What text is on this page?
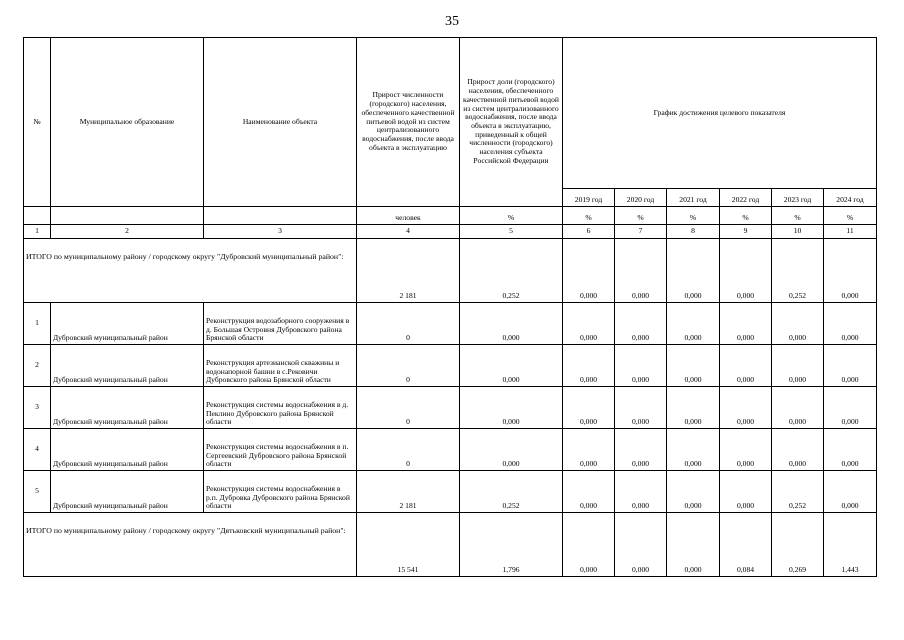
35
№	Муниципальное образование	Наименование объекта	Прирост численности (городского) населения, обеспеченного качественной питьевой водой из систем централизованного водоснабжения, после ввода объекта в эксплуатацию	Прирост доли (городского) населения, обеспеченного качественной питьевой водой из систем централизованного водоснабжения, после ввода объекта в эксплуатацию, приведенный к общей численности (городского) населения субъекта Российской Федерации	График достижения целевого показателя					
					2019 год	2020 год	2021 год	2022 год	2023 год	2024 год
			человек	%	%	%	%	%	%	%
1	2	3	4	5	6	7	8	9	10	11
ИТОГО по муниципальному району / городскому округу "Дубровский муниципальный район":			2 181	0,252	0,000	0,000	0,000	0,000	0,252	0,000
1	Дубровский муниципальный район	Реконструкция водозаборного сооружения в д. Большая Островня Дубровского района Брянской области	0	0,000	0,000	0,000	0,000	0,000	0,000	0,000
2	Дубровский муниципальный район	Реконструкция артезианской скважины и водонапорной башни в с.Рековичи Дубровского района Брянской области	0	0,000	0,000	0,000	0,000	0,000	0,000	0,000
3	Дубровский муниципальный район	Реконструкция системы водоснабжения в д. Пеклино Дубровского района Брянской области	0	0,000	0,000	0,000	0,000	0,000	0,000	0,000
4	Дубровский муниципальный район	Реконструкция системы водоснабжения в п. Сергеевский Дубровского района Брянской области	0	0,000	0,000	0,000	0,000	0,000	0,000	0,000
5	Дубровский муниципальный район	Реконструкция системы водоснабжения в р.п. Дубровка Дубровского района Брянской области	2 181	0,252	0,000	0,000	0,000	0,000	0,252	0,000
ИТОГО по муниципальному району / городскому округу "Дятьковский муниципальный район":			15 541	1,796	0,000	0,000	0,000	0,084	0,269	1,443
